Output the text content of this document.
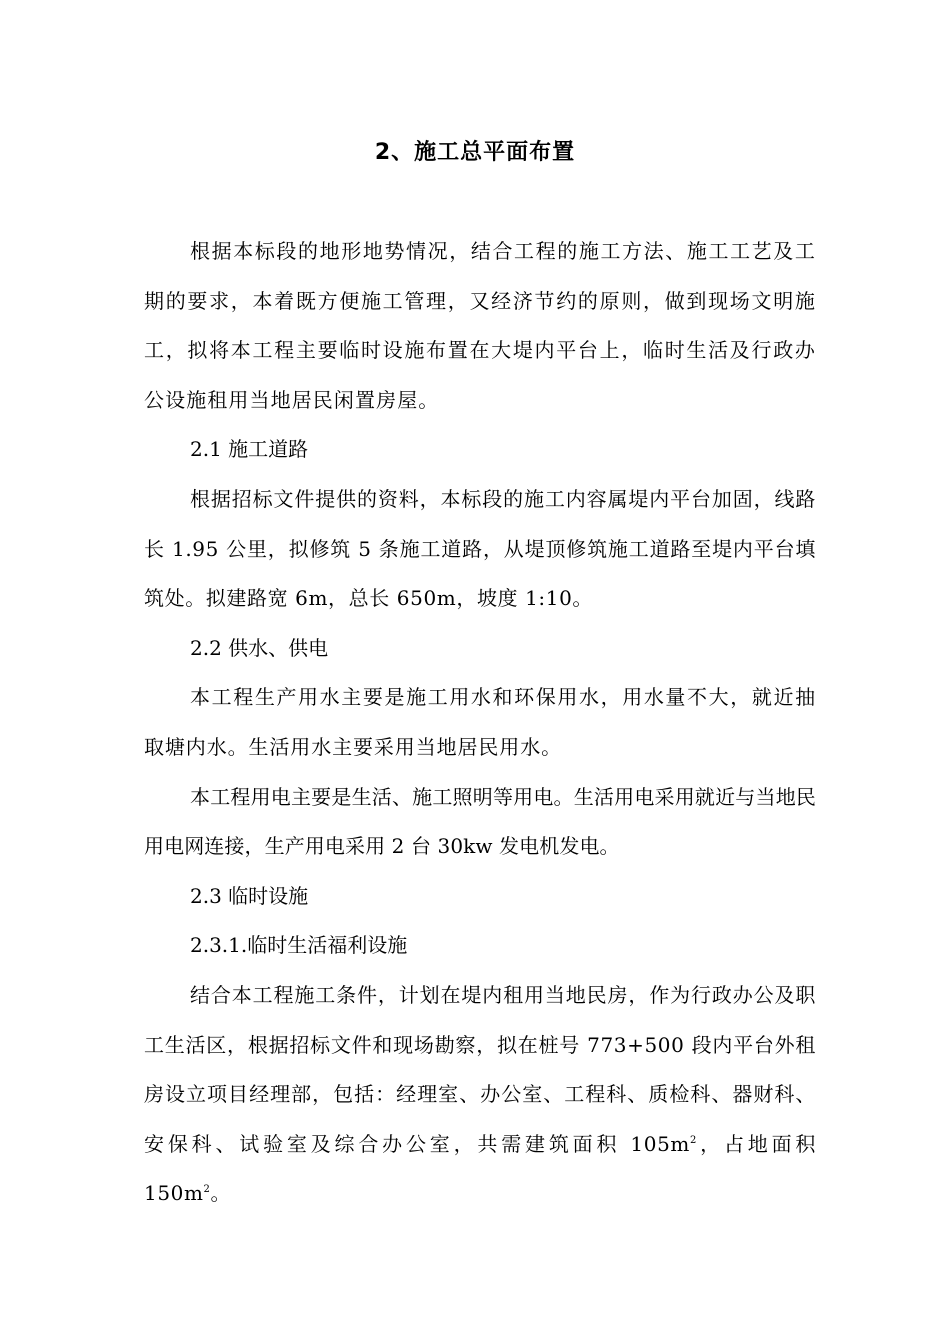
2、施工总平面布置

根据本标段的地形地势情况，结合工程的施工方法、施工工艺及工期的要求，本着既方便施工管理，又经济节约的原则，做到现场文明施工，拟将本工程主要临时设施布置在大堤内平台上，临时生活及行政办公设施租用当地居民闲置房屋。

2.1 施工道路

根据招标文件提供的资料，本标段的施工内容属堤内平台加固，线路长 1.95 公里，拟修筑 5 条施工道路，从堤顶修筑施工道路至堤内平台填筑处。拟建路宽 6m，总长 650m，坡度 1:10。

2.2 供水、供电

本工程生产用水主要是施工用水和环保用水，用水量不大，就近抽取塘内水。生活用水主要采用当地居民用水。

本工程用电主要是生活、施工照明等用电。生活用电采用就近与当地民用电网连接，生产用电采用 2 台 30kw 发电机发电。

2.3 临时设施

2.3.1.临时生活福利设施

结合本工程施工条件，计划在堤内租用当地民房，作为行政办公及职工生活区，根据招标文件和现场勘察，拟在桩号 773+500 段内平台外租房设立项目经理部，包括：经理室、办公室、工程科、质检科、器财科、安保科、试验室及综合办公室，共需建筑面积 $105m^2$，占地面积 $150m^2$。
